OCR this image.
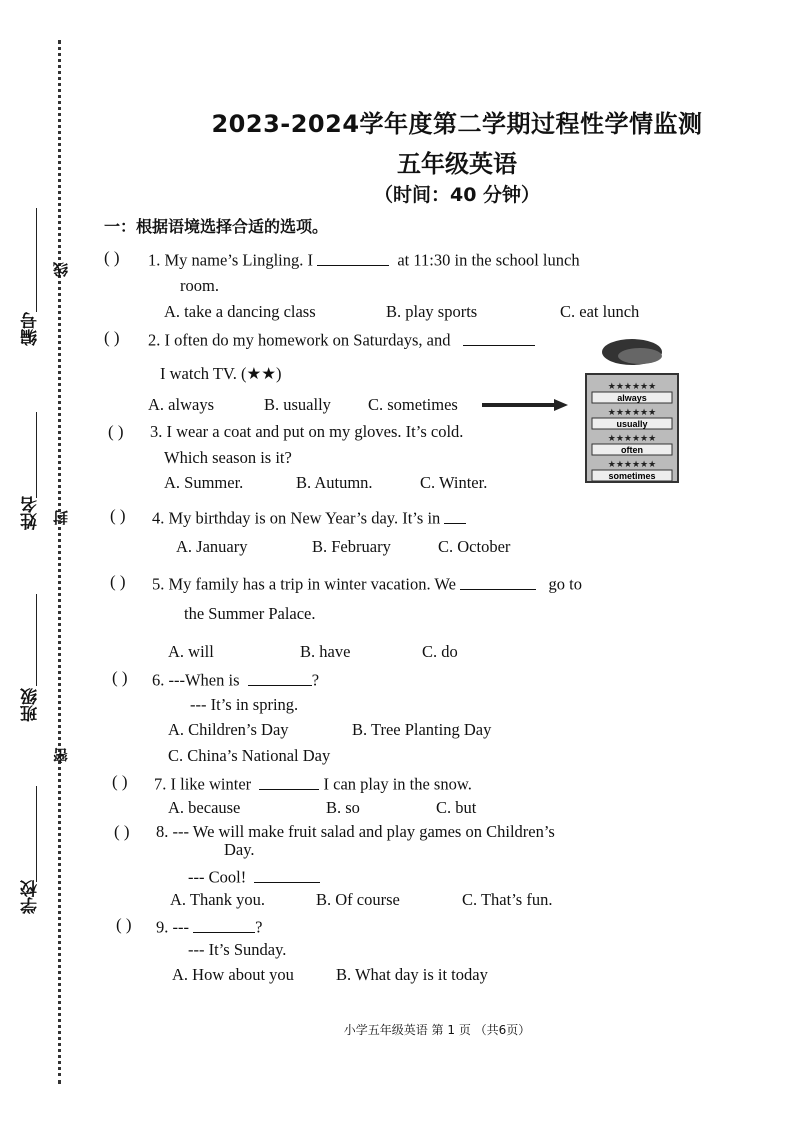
编号
姓名
班级
学校
线
封
密
2023-2024学年度第二学期过程性学情监测
五年级英语
（时间：40 分钟）
一：根据语境选择合适的选项。
( ) 1. My name’s Lingling. I	at 11:30 in the school lunch
room.
A. take a dancing class	B. play sports	C. eat lunch
( ) 2. I often do my homework on Saturdays, and
I watch TV. (★★)
A. always	B. usually C. sometimes
★★★★★★
always
★★★★★★
usually
★★★★★★
often
★★★★★★
sometimes
( ) 3. I wear a coat and put on my gloves. It’s cold.
Which season is it?
A. Summer.	B. Autumn.	C. Winter.
( ) 4. My birthday is on New Year’s day. It’s in
A. January	B. February	C. October
( ) 5. My family has a trip in winter vacation. We	go to
the Summer Palace.
A. will	B. have	C. do
( ) 6. ---When is	?
--- It’s in spring.
A. Children’s Day	B. Tree Planting Day
C. China’s National Day
( ) 7. I like winter	I can play in the snow.
A. because	B. so	C. but
( ) 8. --- We will make fruit salad and play games on Children’s
Day.
--- Cool!
A. Thank you.	B. Of course	C. That’s fun.
( ) 9. ---	?
--- It’s Sunday.
A. How about you	B. What day is it today
小学五年级英语 第 1 页 （共6页）
